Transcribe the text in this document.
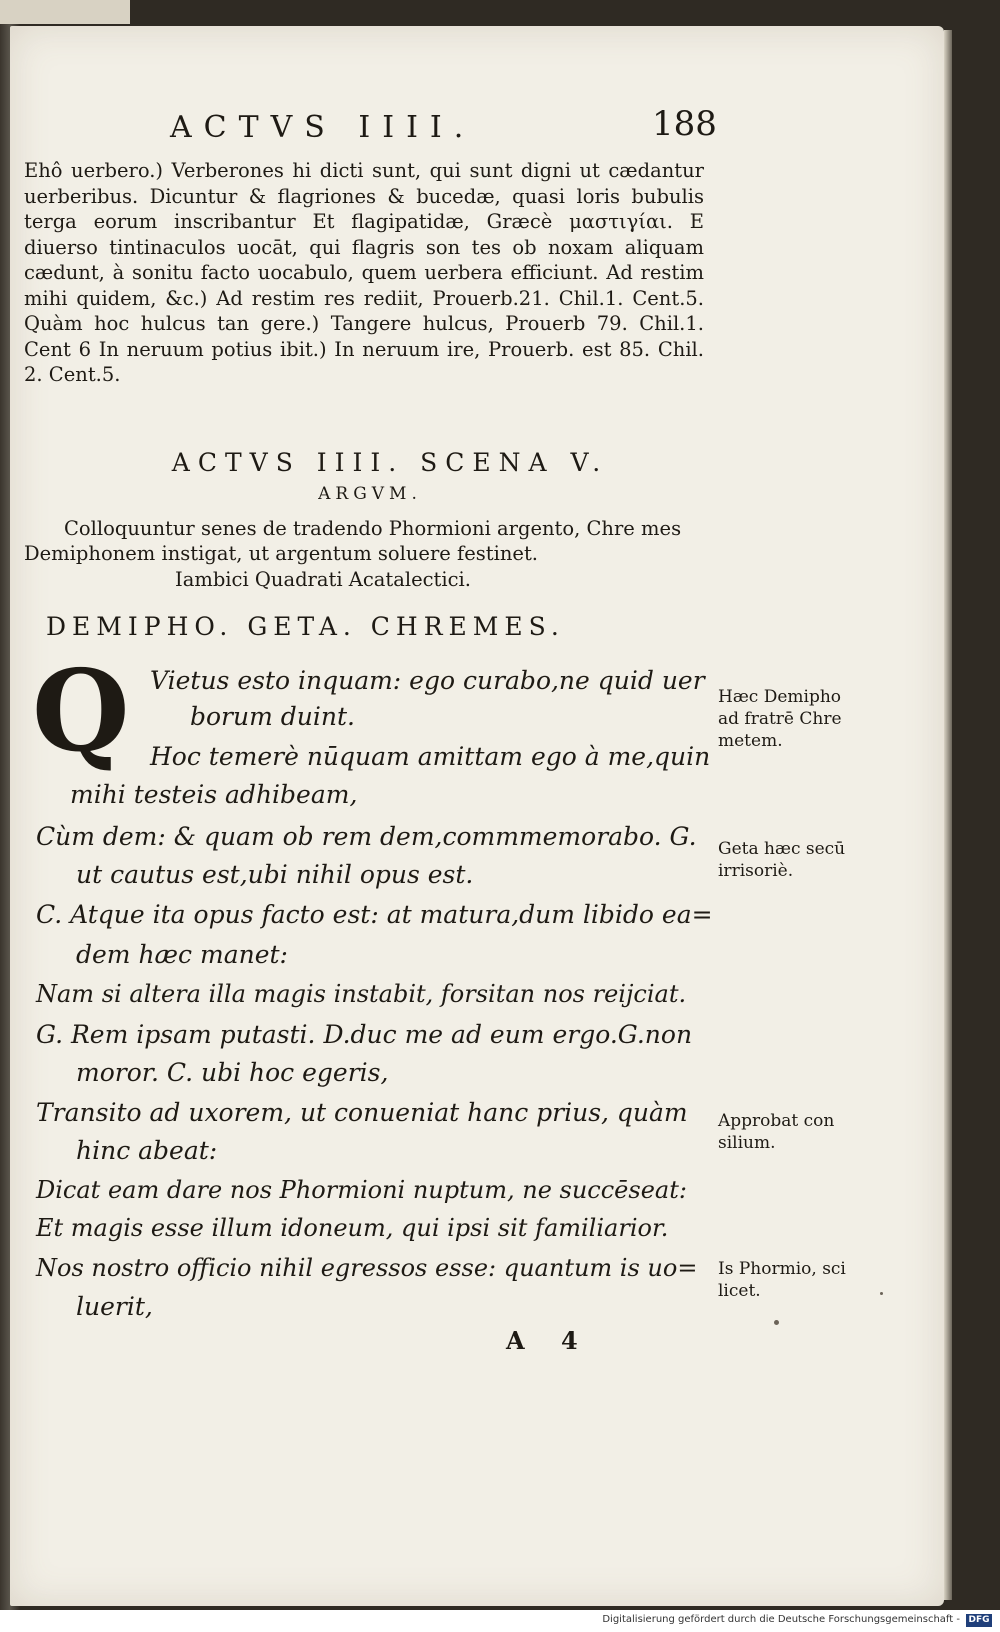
ACTVS IIII.	188
Ehô uerbero.) Verberones hi dicti sunt, qui sunt digni ut cædantur uerberibus. Dicuntur & flagriones & bucedæ, quasi loris bubulis terga eorum inscribantur Et flagipatidæ, Græcè μαστιγίαι. E diuerso tintinaculos uocāt, qui flagris son tes ob noxam aliquam cædunt, à sonitu facto uocabulo, quem uerbera efficiunt. Ad restim mihi quidem, &c.) Ad restim res rediit, Prouerb.21. Chil.1. Cent.5. Quàm hoc hulcus tan gere.) Tangere hulcus, Prouerb 79. Chil.1. Cent 6 In neruum potius ibit.) In neruum ire, Prouerb. est 85. Chil. 2. Cent.5.
ACTVS IIII. SCENA V.
ARGVM.
Colloquuntur senes de tradendo Phormioni argento, Chre mes Demiphonem instigat, ut argentum soluere festinet.
Iambici Quadrati Acatalectici.
DEMIPHO. GETA. CHREMES.
Q Vietus esto inquam: ego curabo,ne quid uer
borum duint.
Hoc temerè nūquam amittam ego à me,quin
mihi testeis adhibeam,
Cùm dem: & quam ob rem dem,commmemorabo. G.
ut cautus est,ubi nihil opus est.
C. Atque ita opus facto est: at matura,dum libido ea=
dem hæc manet:
Nam si altera illa magis instabit, forsitan nos reijciat.
G. Rem ipsam putasti. D.duc me ad eum ergo.G.non
moror. C. ubi hoc egeris,
Transito ad uxorem, ut conueniat hanc prius, quàm
hinc abeat:
Dicat eam dare nos Phormioni nuptum, ne succēseat:
Et magis esse illum idoneum, qui ipsi sit familiarior.
Nos nostro officio nihil egressos esse: quantum is uo=
luerit,
Hæc Demipho
ad fratrē Chre
metem.
Geta hæc secū
irrisoriè.
Approbat con
silium.
Is Phormio, sci
licet.
A 4
Digitalisierung gefördert durch die Deutsche Forschungsgemeinschaft - DFG
